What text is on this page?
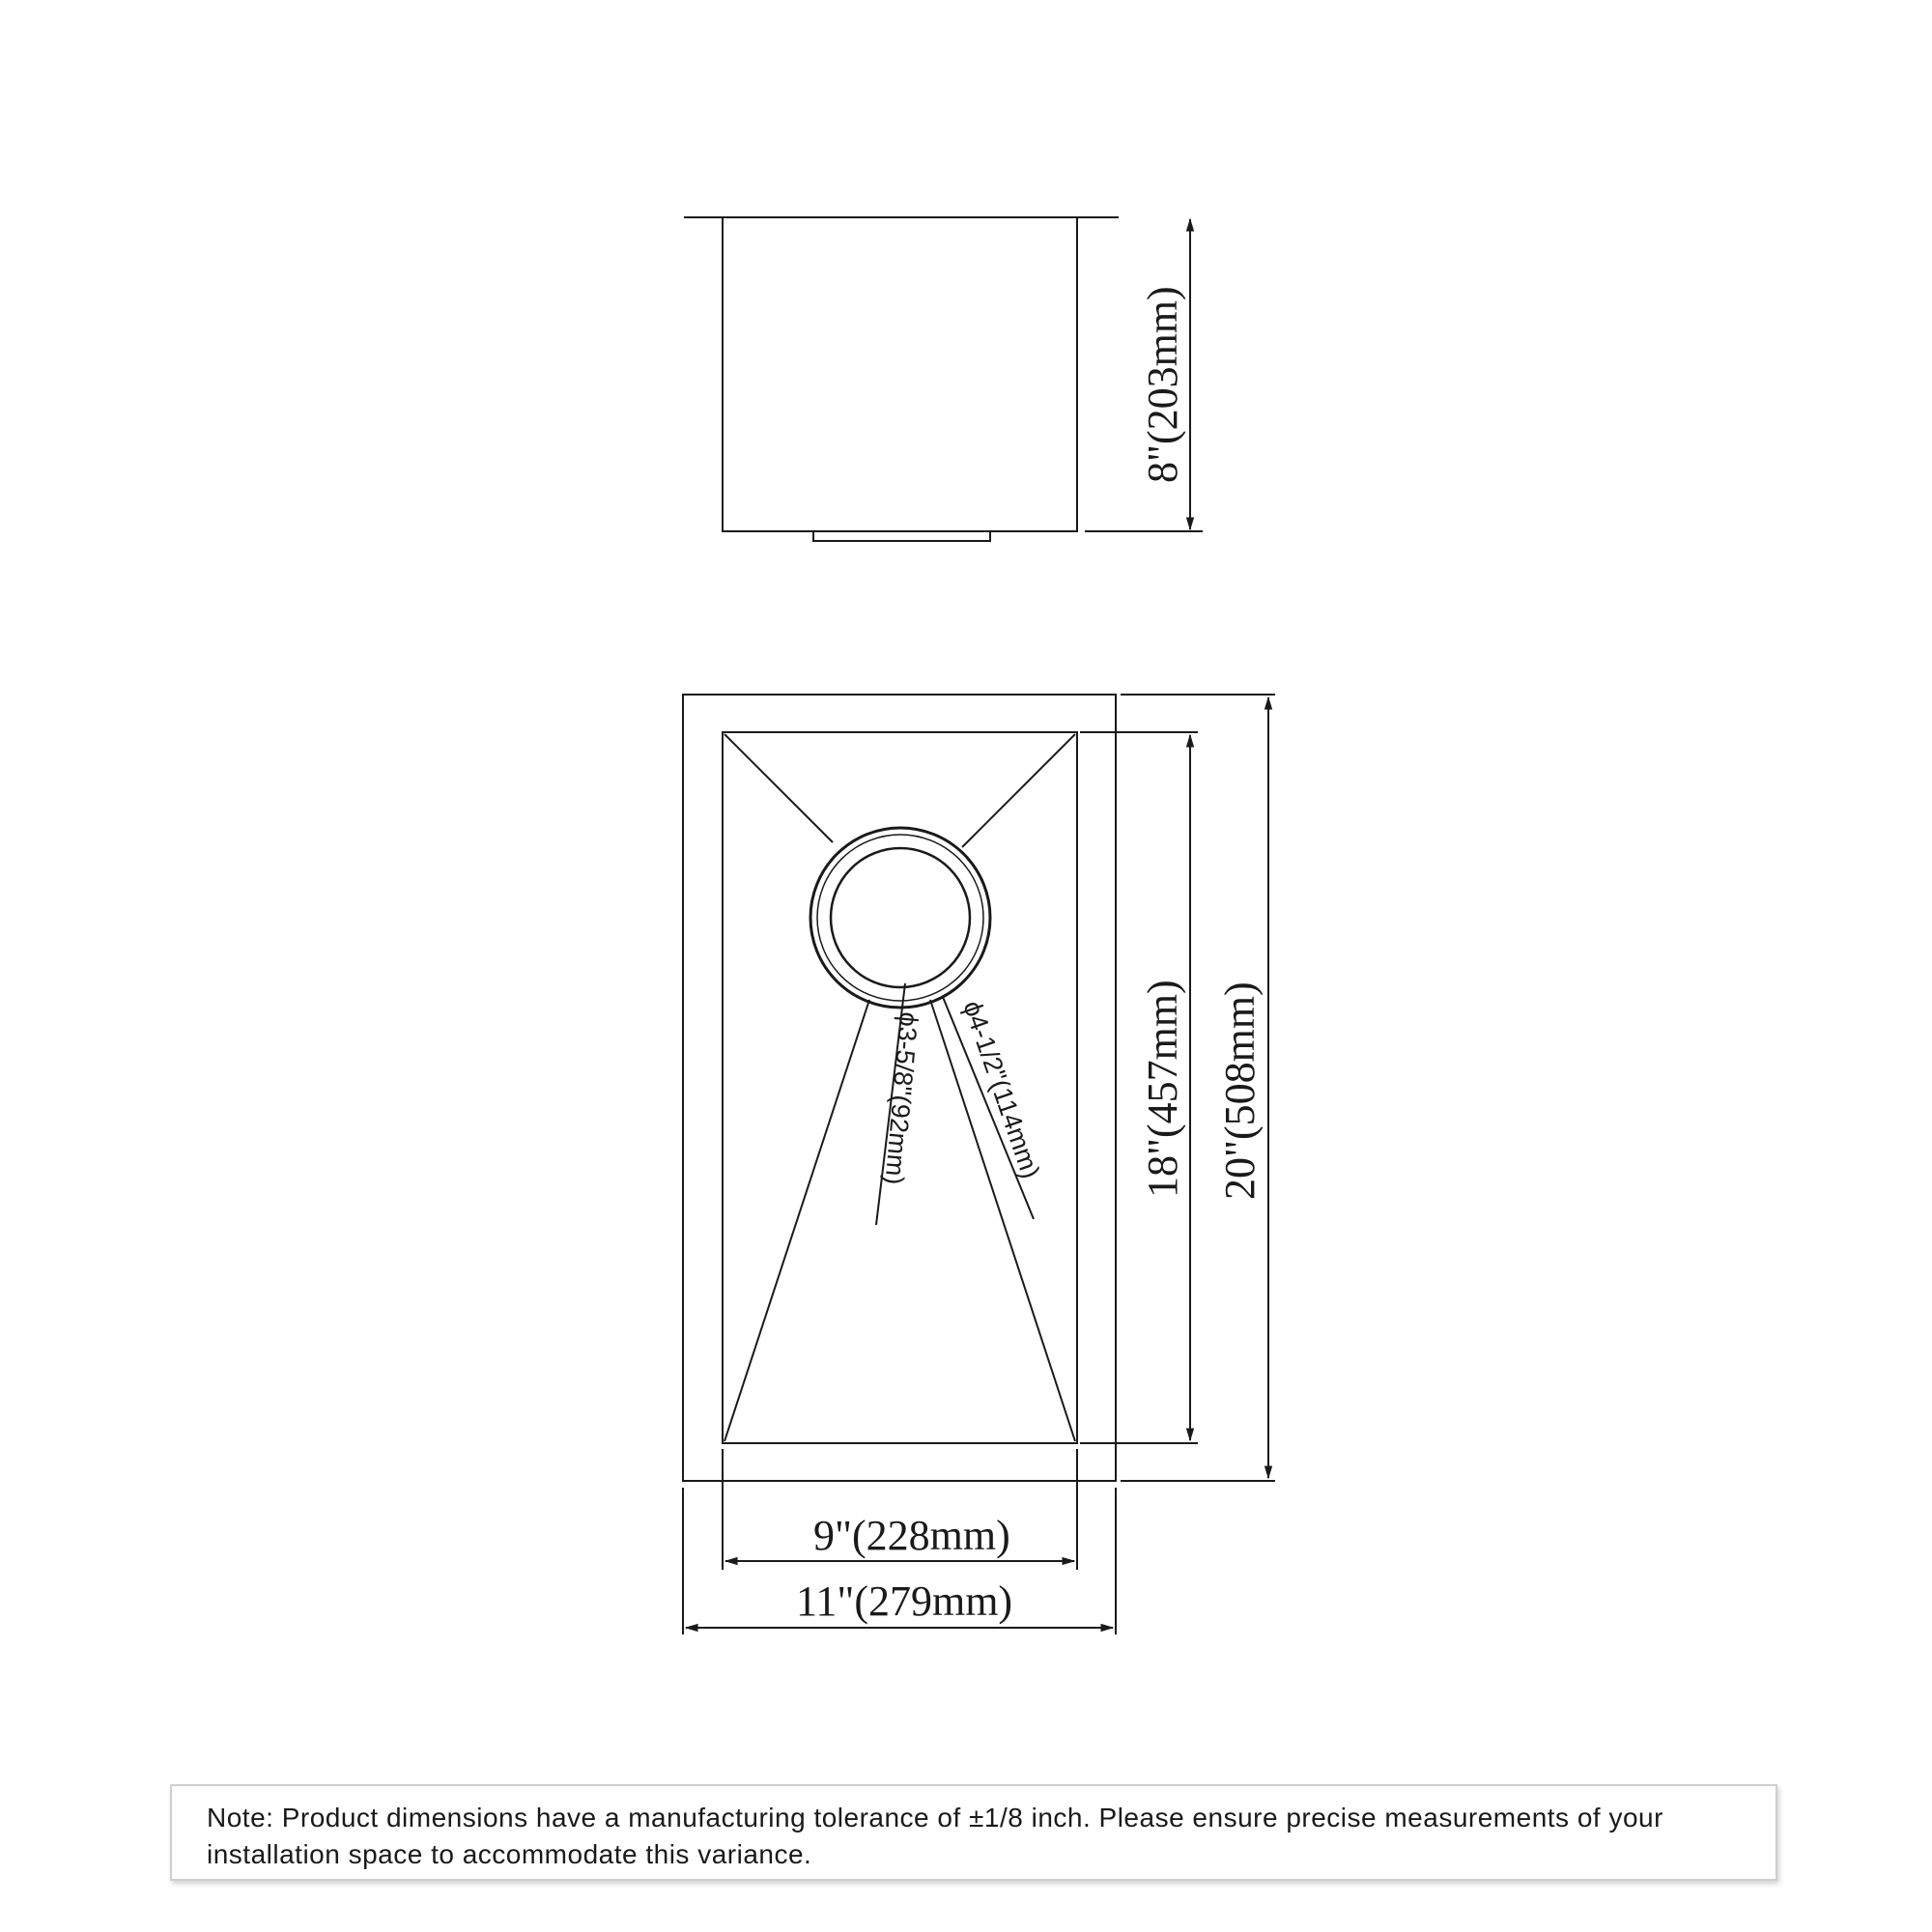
8"(203mm)
18"(457mm) 20"(508mm)
9"(228mm)
11"(279mm)
ϕ3-5/8"(92mm) ϕ4-1/2"(114mm)
Note: Product dimensions have a manufacturing tolerance of ±1/8 inch. Please ensure precise measurements of your installation space to accommodate this variance.
